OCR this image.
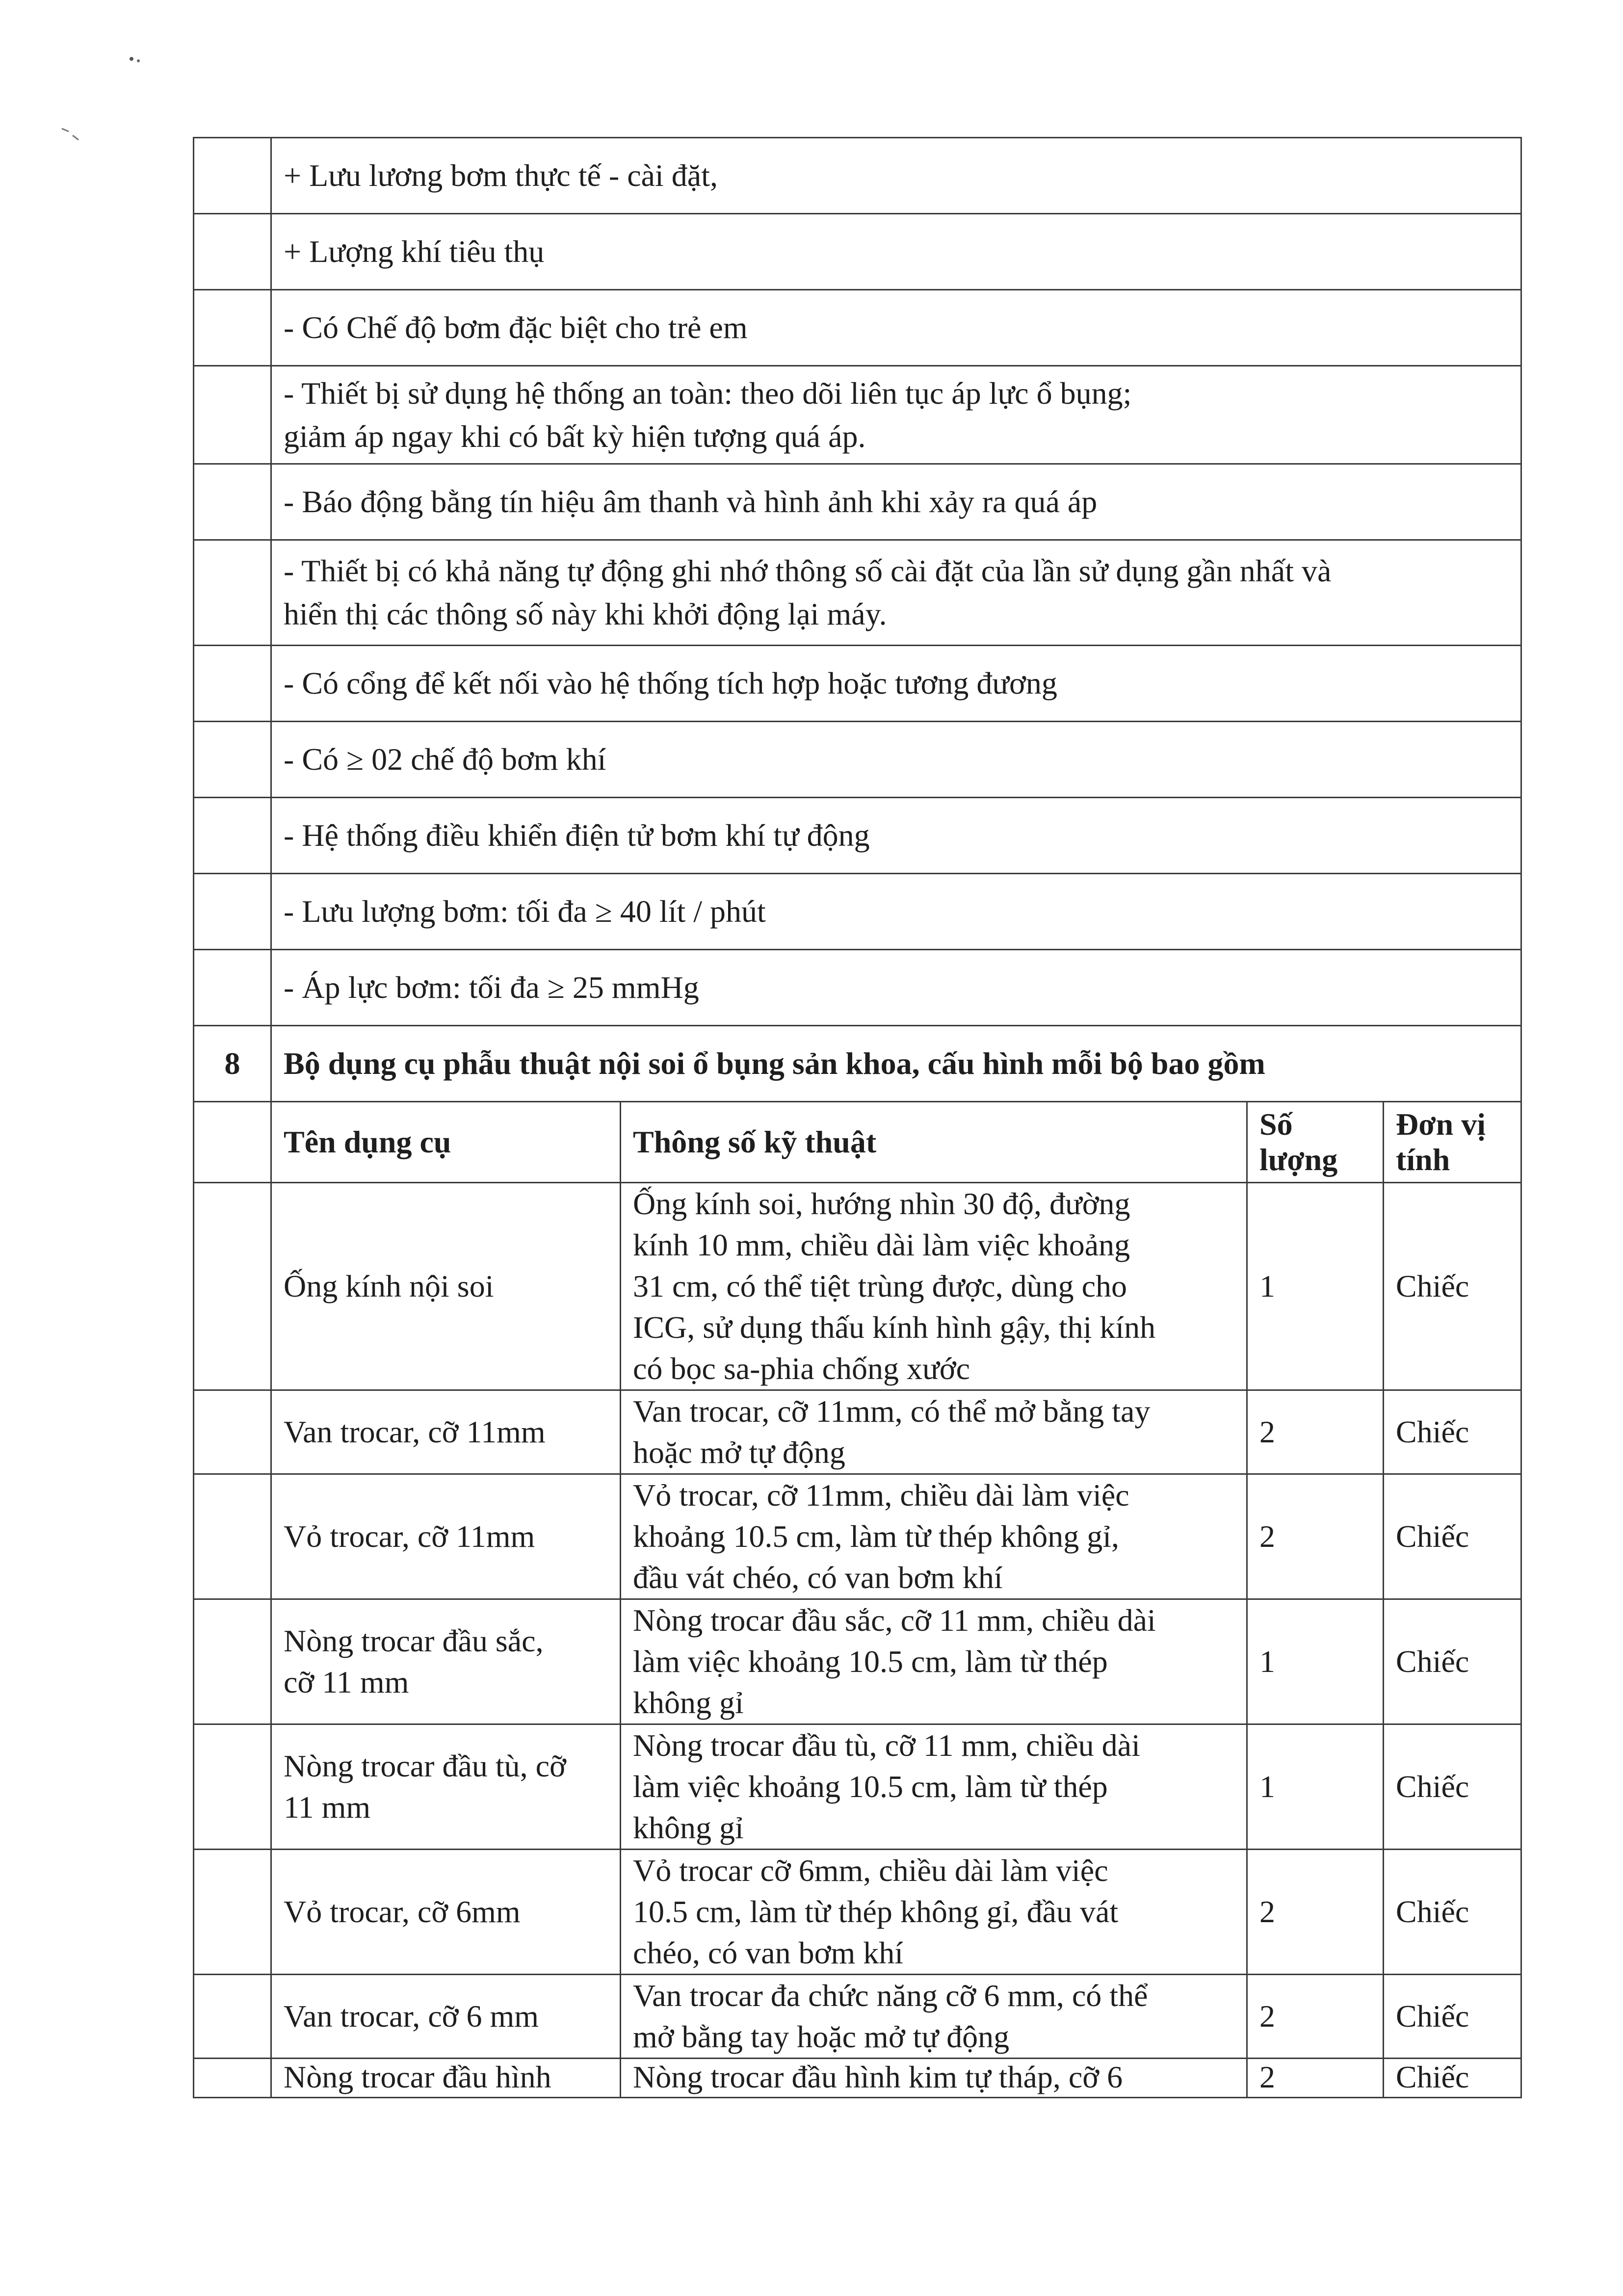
	+ Lưu lương bơm thực tế - cài đặt,			

	+ Lượng khí tiêu thụ			

	- Có Chế độ bơm đặc biệt cho trẻ em			

	- Thiết bị sử dụng hệ thống an toàn: theo dõi liên tục áp lực ổ bụng;
giảm áp ngay khi có bất kỳ hiện tượng quá áp.			

	- Báo động bằng tín hiệu âm thanh và hình ảnh khi xảy ra quá áp			

	- Thiết bị có khả năng tự động ghi nhớ thông số cài đặt của lần sử dụng gần nhất và
hiển thị các thông số này khi khởi động lại máy.			

	- Có cổng để kết nối vào hệ thống tích hợp hoặc tương đương			

	- Có ≥ 02 chế độ bơm khí			

	- Hệ thống điều khiển điện tử bơm khí tự động			

	- Lưu lượng bơm: tối đa ≥ 40 lít / phút			

	- Áp lực bơm: tối đa ≥ 25 mmHg			

8	Bộ dụng cụ phẫu thuật nội soi ổ bụng sản khoa, cấu hình mỗi bộ bao gồm			

	Tên dụng cụ	Thông số kỹ thuật	Số
lượng	Đơn vị
tính

	Ống kính nội soi	Ống kính soi, hướng nhìn 30 độ, đường
kính 10 mm, chiều dài làm việc khoảng
31 cm, có thể tiệt trùng được, dùng cho
ICG, sử dụng thấu kính hình gậy, thị kính
có bọc sa-phia chống xước	1	Chiếc

	Van trocar, cỡ 11mm	Van trocar, cỡ 11mm, có thể mở bằng tay
hoặc mở tự động	2	Chiếc

	Vỏ trocar, cỡ 11mm	Vỏ trocar, cỡ 11mm, chiều dài làm việc
khoảng 10.5 cm, làm từ thép không gỉ,
đầu vát chéo, có van bơm khí	2	Chiếc

	Nòng trocar đầu sắc,
cỡ 11 mm	Nòng trocar đầu sắc, cỡ 11 mm, chiều dài
làm việc khoảng 10.5 cm, làm từ thép
không gỉ	1	Chiếc

	Nòng trocar đầu tù, cỡ
11 mm	Nòng trocar đầu tù, cỡ 11 mm, chiều dài
làm việc khoảng 10.5 cm, làm từ thép
không gỉ	1	Chiếc

	Vỏ trocar, cỡ 6mm	Vỏ trocar cỡ 6mm, chiều dài làm việc
10.5 cm, làm từ thép không gỉ, đầu vát
chéo, có van bơm khí	2	Chiếc

	Van trocar, cỡ 6 mm	Van trocar đa chức năng cỡ 6 mm, có thể
mở bằng tay hoặc mở tự động	2	Chiếc

	Nòng trocar đầu hình	Nòng trocar đầu hình kim tự tháp, cỡ 6	2	Chiếc
